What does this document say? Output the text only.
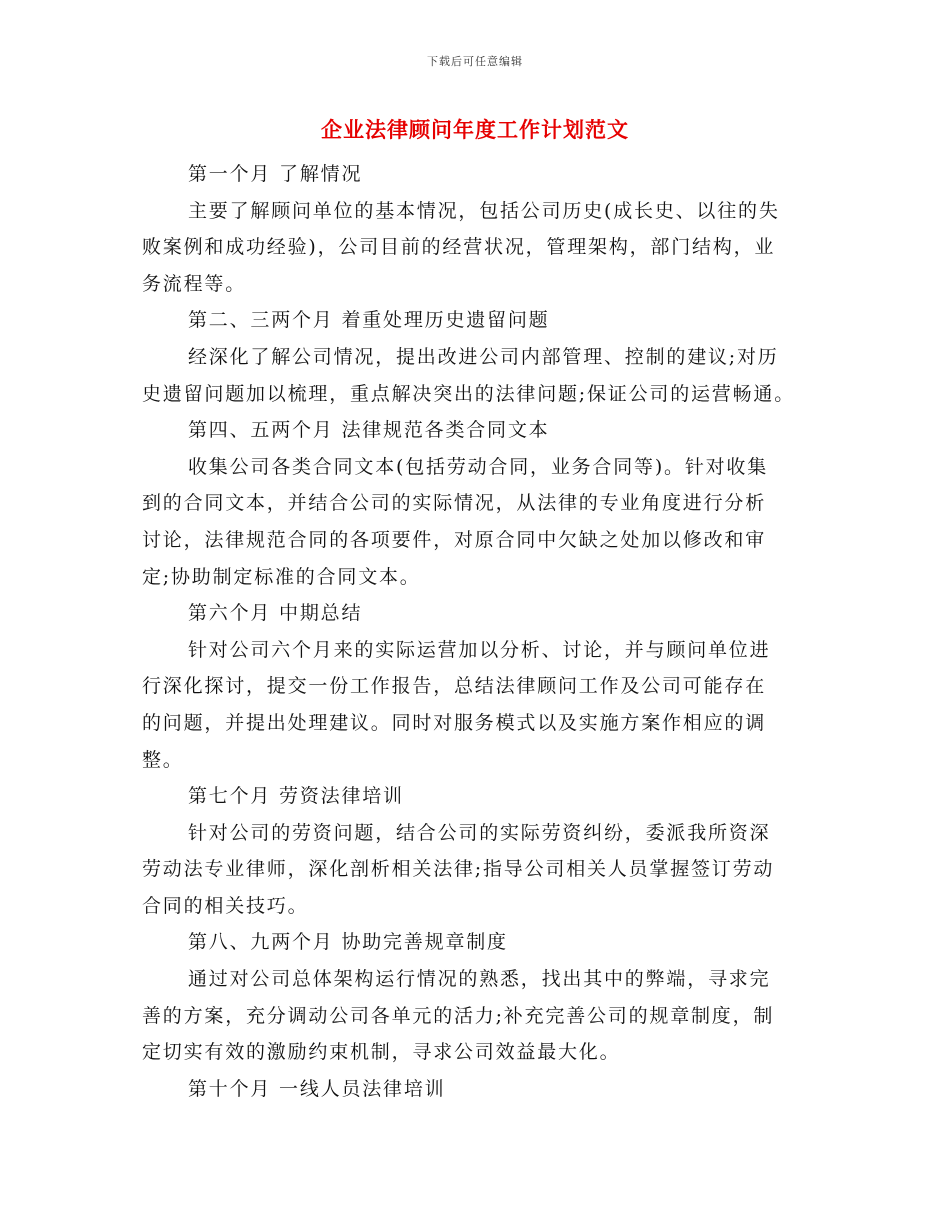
下载后可任意编辑
企业法律顾问年度工作计划范文
第一个月 了解情况
主要了解顾问单位的基本情况，包括公司历史(成长史、以往的失
败案例和成功经验)，公司目前的经营状况，管理架构，部门结构，业
务流程等。
第二、三两个月 着重处理历史遗留问题
经深化了解公司情况，提出改进公司内部管理、控制的建议;对历
史遗留问题加以梳理，重点解决突出的法律问题;保证公司的运营畅通。
第四、五两个月 法律规范各类合同文本
收集公司各类合同文本(包括劳动合同，业务合同等)。针对收集
到的合同文本，并结合公司的实际情况，从法律的专业角度进行分析
讨论，法律规范合同的各项要件，对原合同中欠缺之处加以修改和审
定;协助制定标准的合同文本。
第六个月 中期总结
针对公司六个月来的实际运营加以分析、讨论，并与顾问单位进
行深化探讨，提交一份工作报告，总结法律顾问工作及公司可能存在
的问题，并提出处理建议。同时对服务模式以及实施方案作相应的调
整。
第七个月 劳资法律培训
针对公司的劳资问题，结合公司的实际劳资纠纷，委派我所资深
劳动法专业律师，深化剖析相关法律;指导公司相关人员掌握签订劳动
合同的相关技巧。
第八、九两个月 协助完善规章制度
通过对公司总体架构运行情况的熟悉，找出其中的弊端，寻求完
善的方案，充分调动公司各单元的活力;补充完善公司的规章制度，制
定切实有效的激励约束机制，寻求公司效益最大化。
第十个月 一线人员法律培训
